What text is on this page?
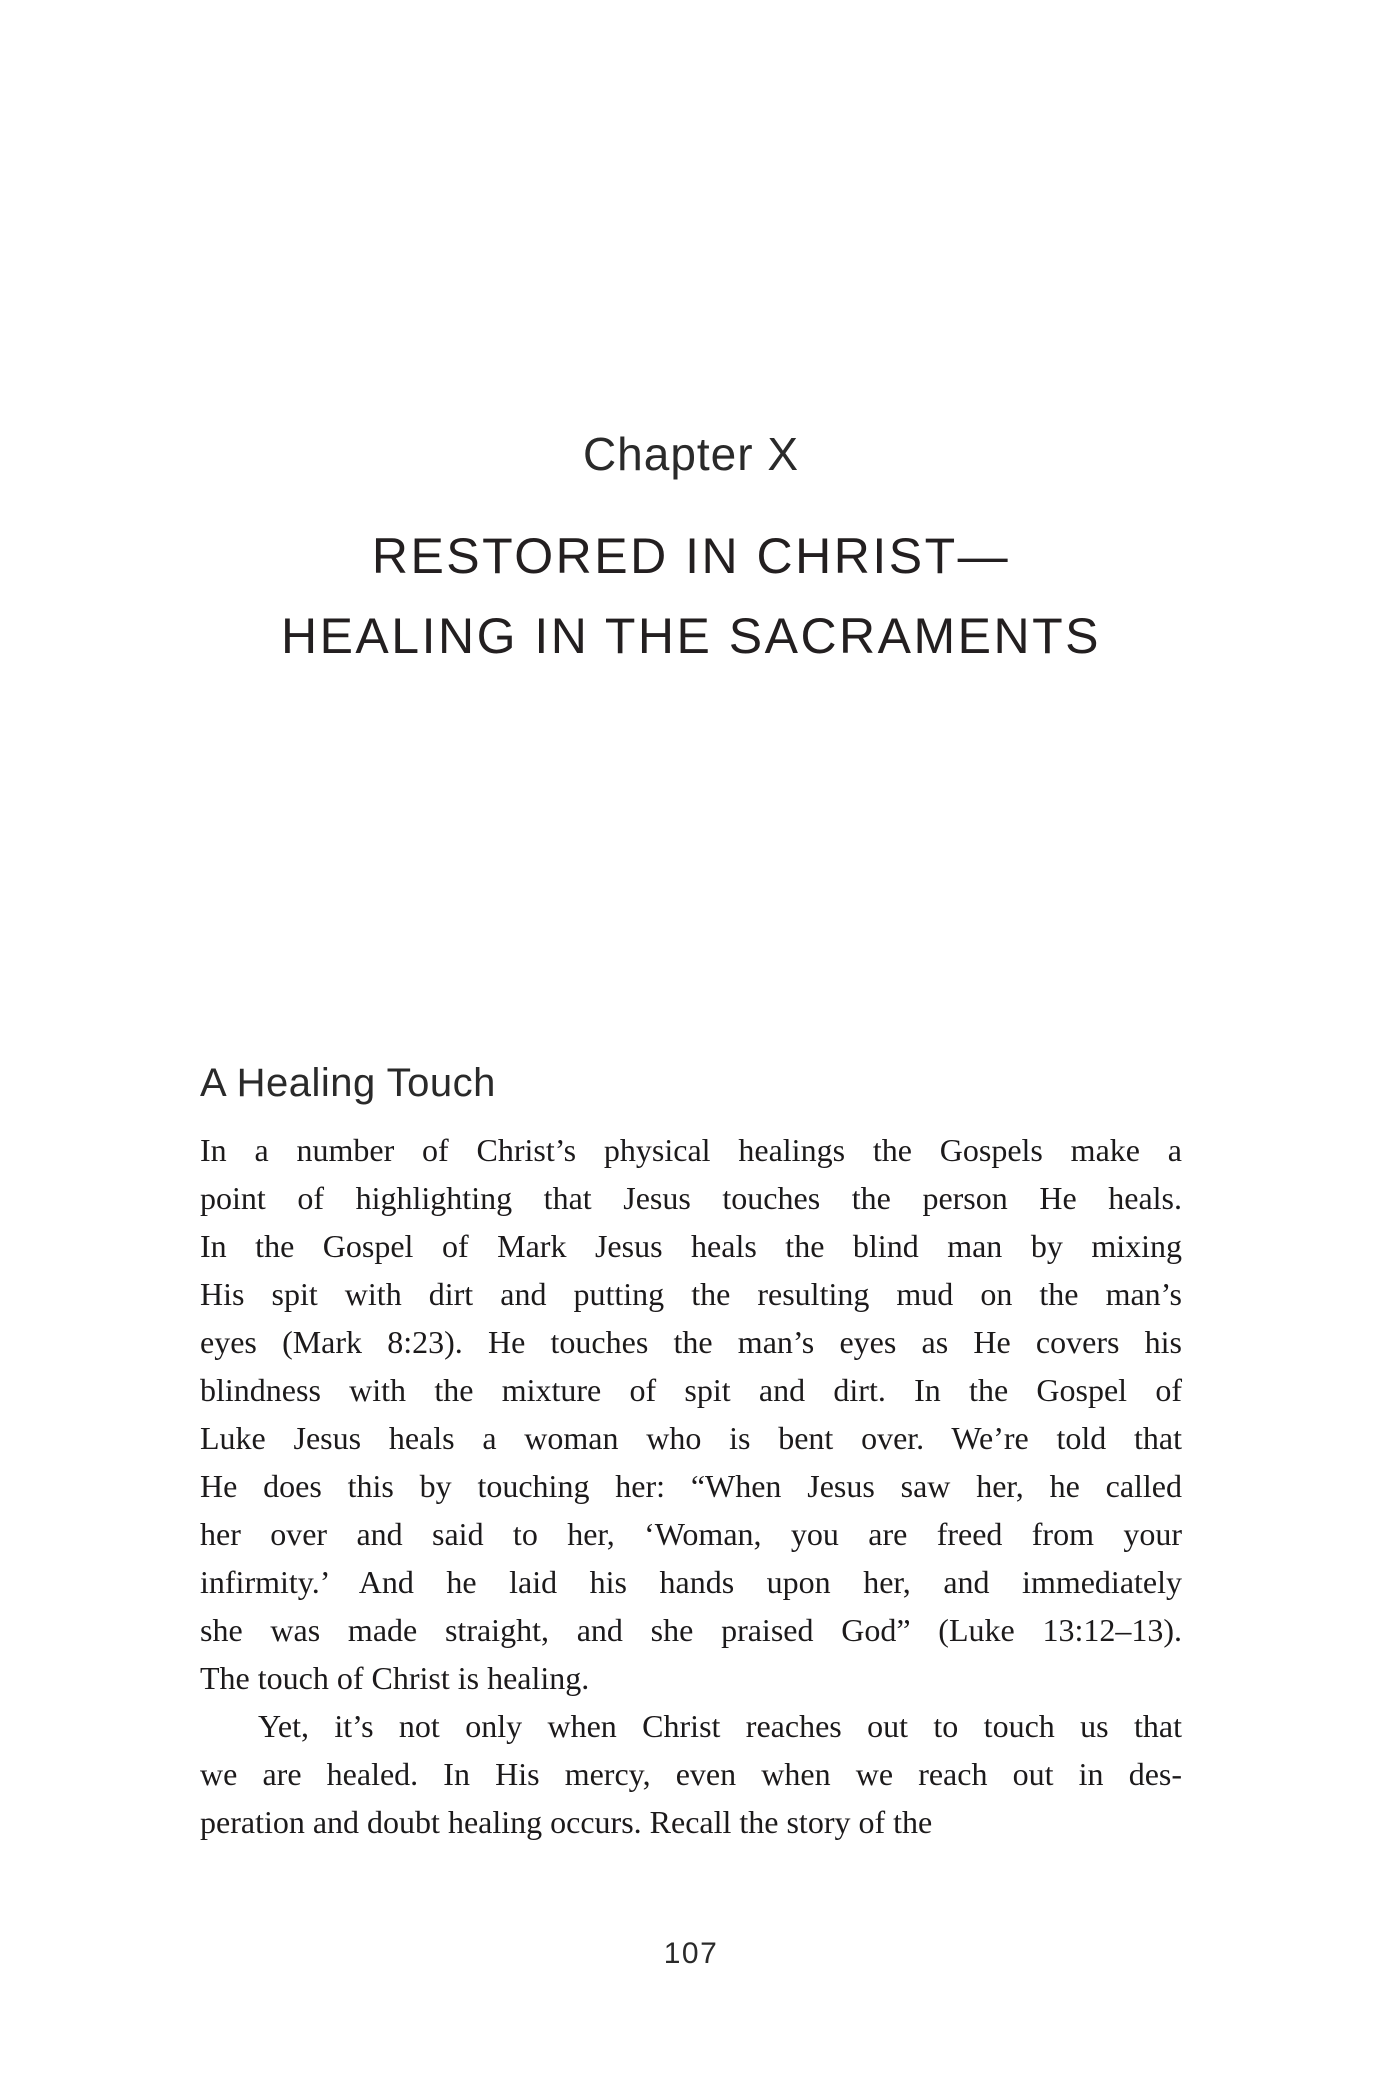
Chapter X
RESTORED IN CHRIST—
HEALING IN THE SACRAMENTS
A Healing Touch
In a number of Christ’s physical healings the Gospels make a
point of highlighting that Jesus touches the person He heals.
In the Gospel of Mark Jesus heals the blind man by mixing
His spit with dirt and putting the resulting mud on the man’s
eyes (Mark 8:23). He touches the man’s eyes as He covers his
blindness with the mixture of spit and dirt. In the Gospel of
Luke Jesus heals a woman who is bent over. We’re told that
He does this by touching her: “When Jesus saw her, he called
her over and said to her, ‘Woman, you are freed from your
infirmity.’ And he laid his hands upon her, and immediately
she was made straight, and she praised God” (Luke 13:12–13).
The touch of Christ is healing.
Yet, it’s not only when Christ reaches out to touch us that
we are healed. In His mercy, even when we reach out in des-
peration and doubt healing occurs. Recall the story of the
107
